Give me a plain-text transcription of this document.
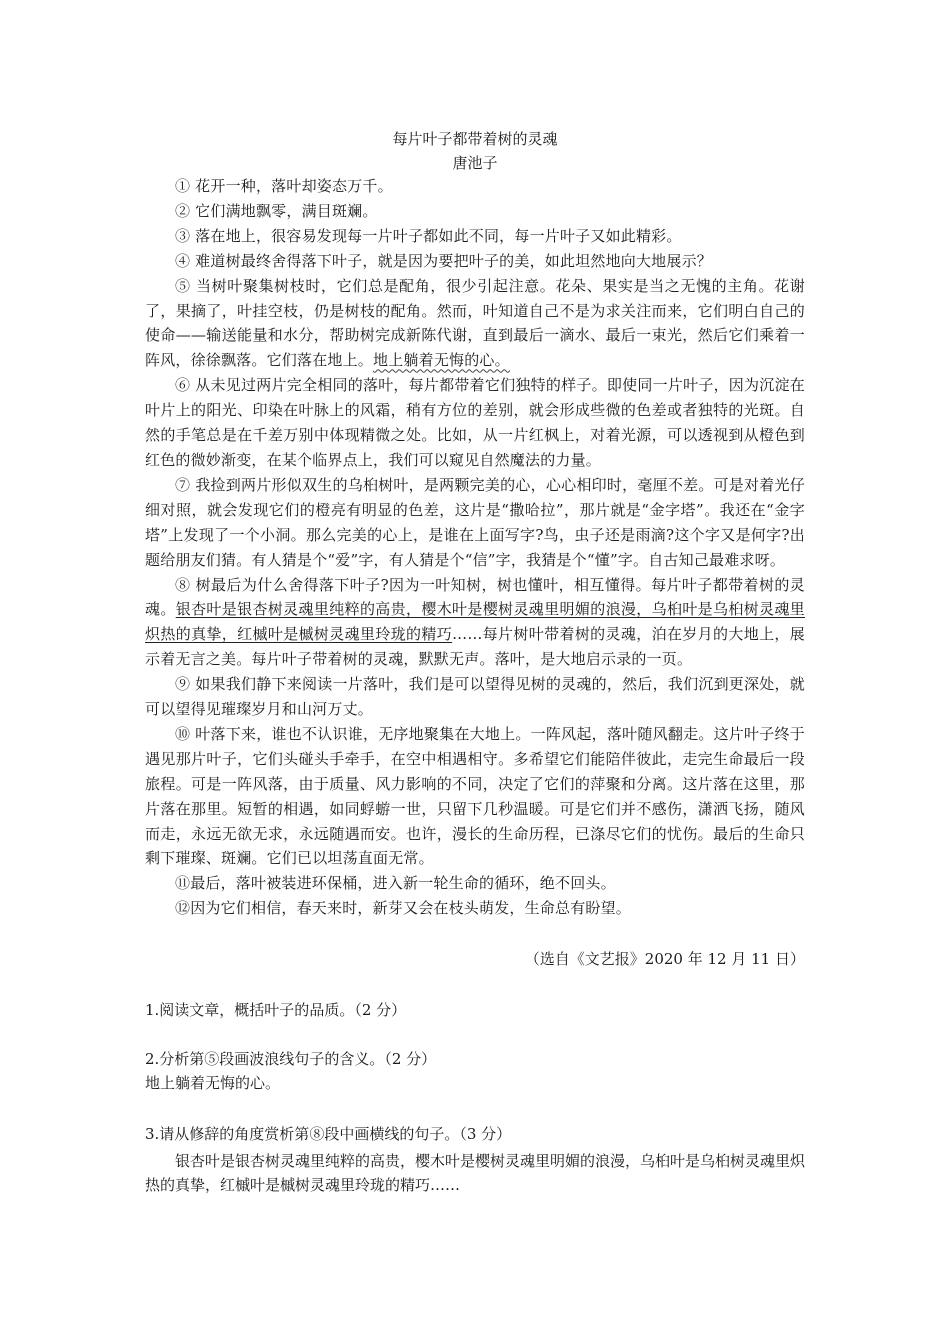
每片叶子都带着树的灵魂
唐池子

① 花开一种，落叶却姿态万千。

② 它们满地飘零，满目斑斓。

③ 落在地上，很容易发现每一片叶子都如此不同，每一片叶子又如此精彩。

④ 难道树最终舍得落下叶子，就是因为要把叶子的美，如此坦然地向大地展示？

⑤ 当树叶聚集树枝时，它们总是配角，很少引起注意。花朵、果实是当之无愧的主角。花谢了，果摘了，叶挂空枝，仍是树枝的配角。然而，叶知道自己不是为求关注而来，它们明白自己的使命——输送能量和水分，帮助树完成新陈代谢，直到最后一滴水、最后一束光，然后它们乘着一阵风，徐徐飘落。它们落在地上。地上躺着无悔的心。

⑥ 从未见过两片完全相同的落叶，每片都带着它们独特的样子。即使同一片叶子，因为沉淀在叶片上的阳光、印染在叶脉上的风霜，稍有方位的差别，就会形成些微的色差或者独特的光斑。自然的手笔总是在千差万别中体现精微之处。比如，从一片红枫上，对着光源，可以透视到从橙色到红色的微妙渐变，在某个临界点上，我们可以窥见自然魔法的力量。

⑦ 我捡到两片形似双生的乌桕树叶，是两颗完美的心，心心相印时，毫厘不差。可是对着光仔细对照，就会发现它们的橙亮有明显的色差，这片是“撒哈拉”，那片就是“金字塔”。我还在“金字塔”上发现了一个小洞。那么完美的心上，是谁在上面写字?鸟，虫子还是雨滴?这个字又是何字?出题给朋友们猜。有人猜是个“爱”字，有人猜是个“信”字，我猜是个“懂”字。自古知己最难求呀。

⑧ 树最后为什么舍得落下叶子?因为一叶知树，树也懂叶，相互懂得。每片叶子都带着树的灵魂。银杏叶是银杏树灵魂里纯粹的高贵，樱木叶是樱树灵魂里明媚的浪漫，乌桕叶是乌桕树灵魂里炽热的真挚，红槭叶是槭树灵魂里玲珑的精巧……每片树叶带着树的灵魂，泊在岁月的大地上，展示着无言之美。每片叶子带着树的灵魂，默默无声。落叶，是大地启示录的一页。

⑨ 如果我们静下来阅读一片落叶，我们是可以望得见树的灵魂的，然后，我们沉到更深处，就可以望得见璀璨岁月和山河万丈。

⑩ 叶落下来，谁也不认识谁，无序地聚集在大地上。一阵风起，落叶随风翻走。这片叶子终于遇见那片叶子，它们头碰头手牵手，在空中相遇相守。多希望它们能陪伴彼此，走完生命最后一段旅程。可是一阵风落，由于质量、风力影响的不同，决定了它们的萍聚和分离。这片落在这里，那片落在那里。短暂的相遇，如同蜉蝣一世，只留下几秒温暖。可是它们并不感伤，潇洒飞扬，随风而走，永远无欲无求，永远随遇而安。也许，漫长的生命历程，已涤尽它们的忧伤。最后的生命只剩下璀璨、斑斓。它们已以坦荡直面无常。

⑪最后，落叶被装进环保桶，进入新一轮生命的循环，绝不回头。

⑫因为它们相信，春天来时，新芽又会在枝头萌发，生命总有盼望。

（选自《文艺报》2020 年 12 月 11 日）

1.阅读文章，概括叶子的品质。（2 分）

2.分析第⑤段画波浪线句子的含义。（2 分）

地上躺着无悔的心。

3.请从修辞的角度赏析第⑧段中画横线的句子。（3 分）

银杏叶是银杏树灵魂里纯粹的高贵，樱木叶是樱树灵魂里明媚的浪漫，乌桕叶是乌桕树灵魂里炽热的真挚，红槭叶是槭树灵魂里玲珑的精巧……
